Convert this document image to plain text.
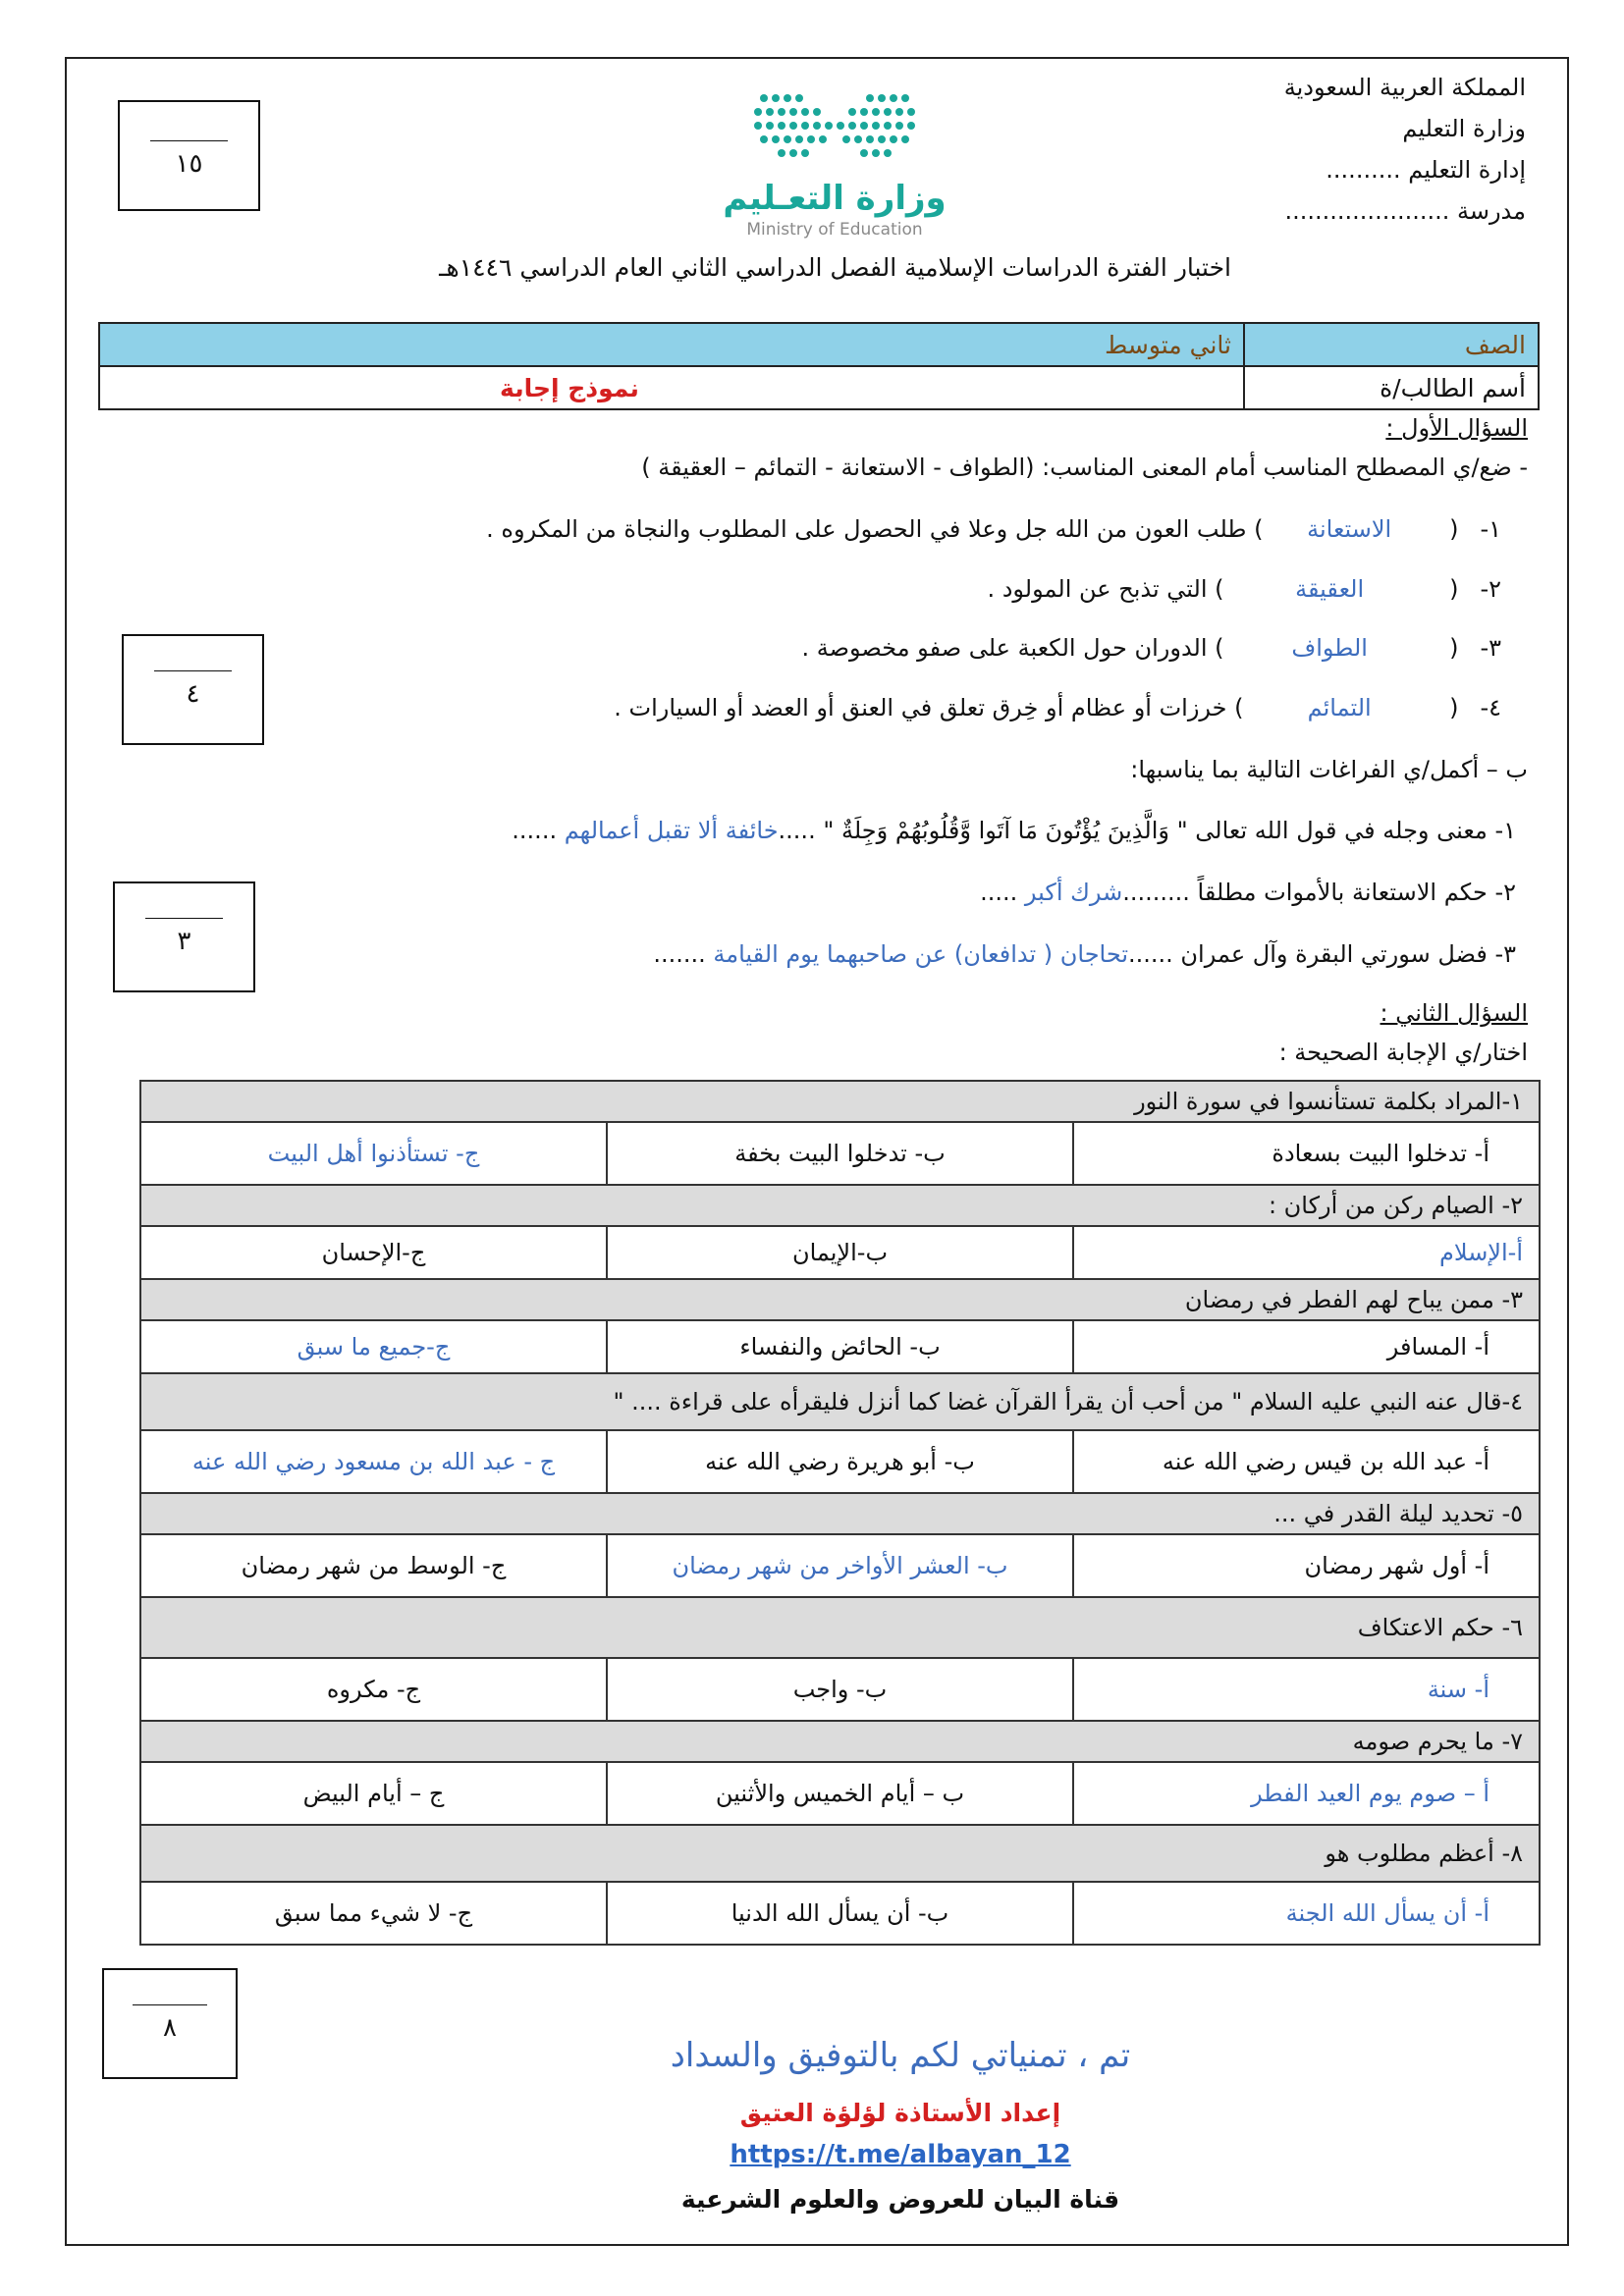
المملكة العربية السعودية
وزارة التعليم
إدارة التعليم ..........
مدرسة ......................
وزارة التعـليم
Ministry of Education
١٥
اختبار الفترة الدراسات الإسلامية الفصل الدراسي الثاني العام الدراسي ١٤٤٦هـ
الصف	ثاني متوسط
أسم الطالب/ة	نموذج إجابة
السؤال الأول :
- ضع/ي المصطلح المناسب أمام المعنى المناسب: (الطواف - الاستعانة - التمائم – العقيقة )
١- ( الاستعانة ) طلب العون من الله جل وعلا في الحصول على المطلوب والنجاة من المكروه .
٢- ( العقيقة ) التي تذبح عن المولود .
٣- ( الطواف ) الدوران حول الكعبة على صفو مخصوصة .
٤- ( التمائم ) خرزات أو عظام أو خِرق تعلق في العنق أو العضد أو السيارات .
٤
ب – أكمل/ي الفراغات التالية بما يناسبها:
١- معنى وجله في قول الله تعالى " وَالَّذِينَ يُؤْتُونَ مَا آتَوا وَّقُلُوبُهُمْ وَجِلَةٌ " .....خائفة ألا تقبل أعمالهم ......
٢- حكم الاستعانة بالأموات مطلقاً .........شرك أكبر .....
٣- فضل سورتي البقرة وآل عمران ......تحاجان ( تدافعان) عن صاحبهما يوم القيامة .......
٣
السؤال الثاني :
اختار/ي الإجابة الصحيحة :
١-المراد بكلمة تستأنسوا في سورة النور		
أ- تدخلوا البيت بسعادة	ب- تدخلوا البيت بخفة	ج- تستأذنوا أهل البيت
٢- الصيام ركن من أركان :		
أ-الإسلام	ب-الإيمان	ج-الإحسان
٣- ممن يباح لهم الفطر في رمضان		
أ- المسافر	ب- الحائض والنفساء	ج-جميع ما سبق
٤-قال عنه النبي عليه السلام " من أحب أن يقرأ القرآن غضا كما أنزل فليقرأه على قراءة .... "		
أ- عبد الله بن قيس رضي الله عنه	ب- أبو هريرة رضي الله عنه	ج - عبد الله بن مسعود رضي الله عنه
٥- تحديد ليلة القدر في ...		
أ- أول شهر رمضان	ب- العشر الأواخر من شهر رمضان	ج- الوسط من شهر رمضان
٦- حكم الاعتكاف		
أ- سنة	ب- واجب	ج- مكروه
٧- ما يحرم صومه		
أ – صوم يوم العيد الفطر	ب – أيام الخميس والأثنين	ج – أيام البيض
٨- أعظم مطلوب هو		
أ- أن يسأل الله الجنة	ب- أن يسأل الله الدنيا	ج- لا شيء مما سبق
٨
تم ، تمنياتي لكم بالتوفيق والسداد
إعداد الأستاذة لؤلؤة العتيق
https://t.me/albayan_12
قناة البيان للعروض والعلوم الشرعية
